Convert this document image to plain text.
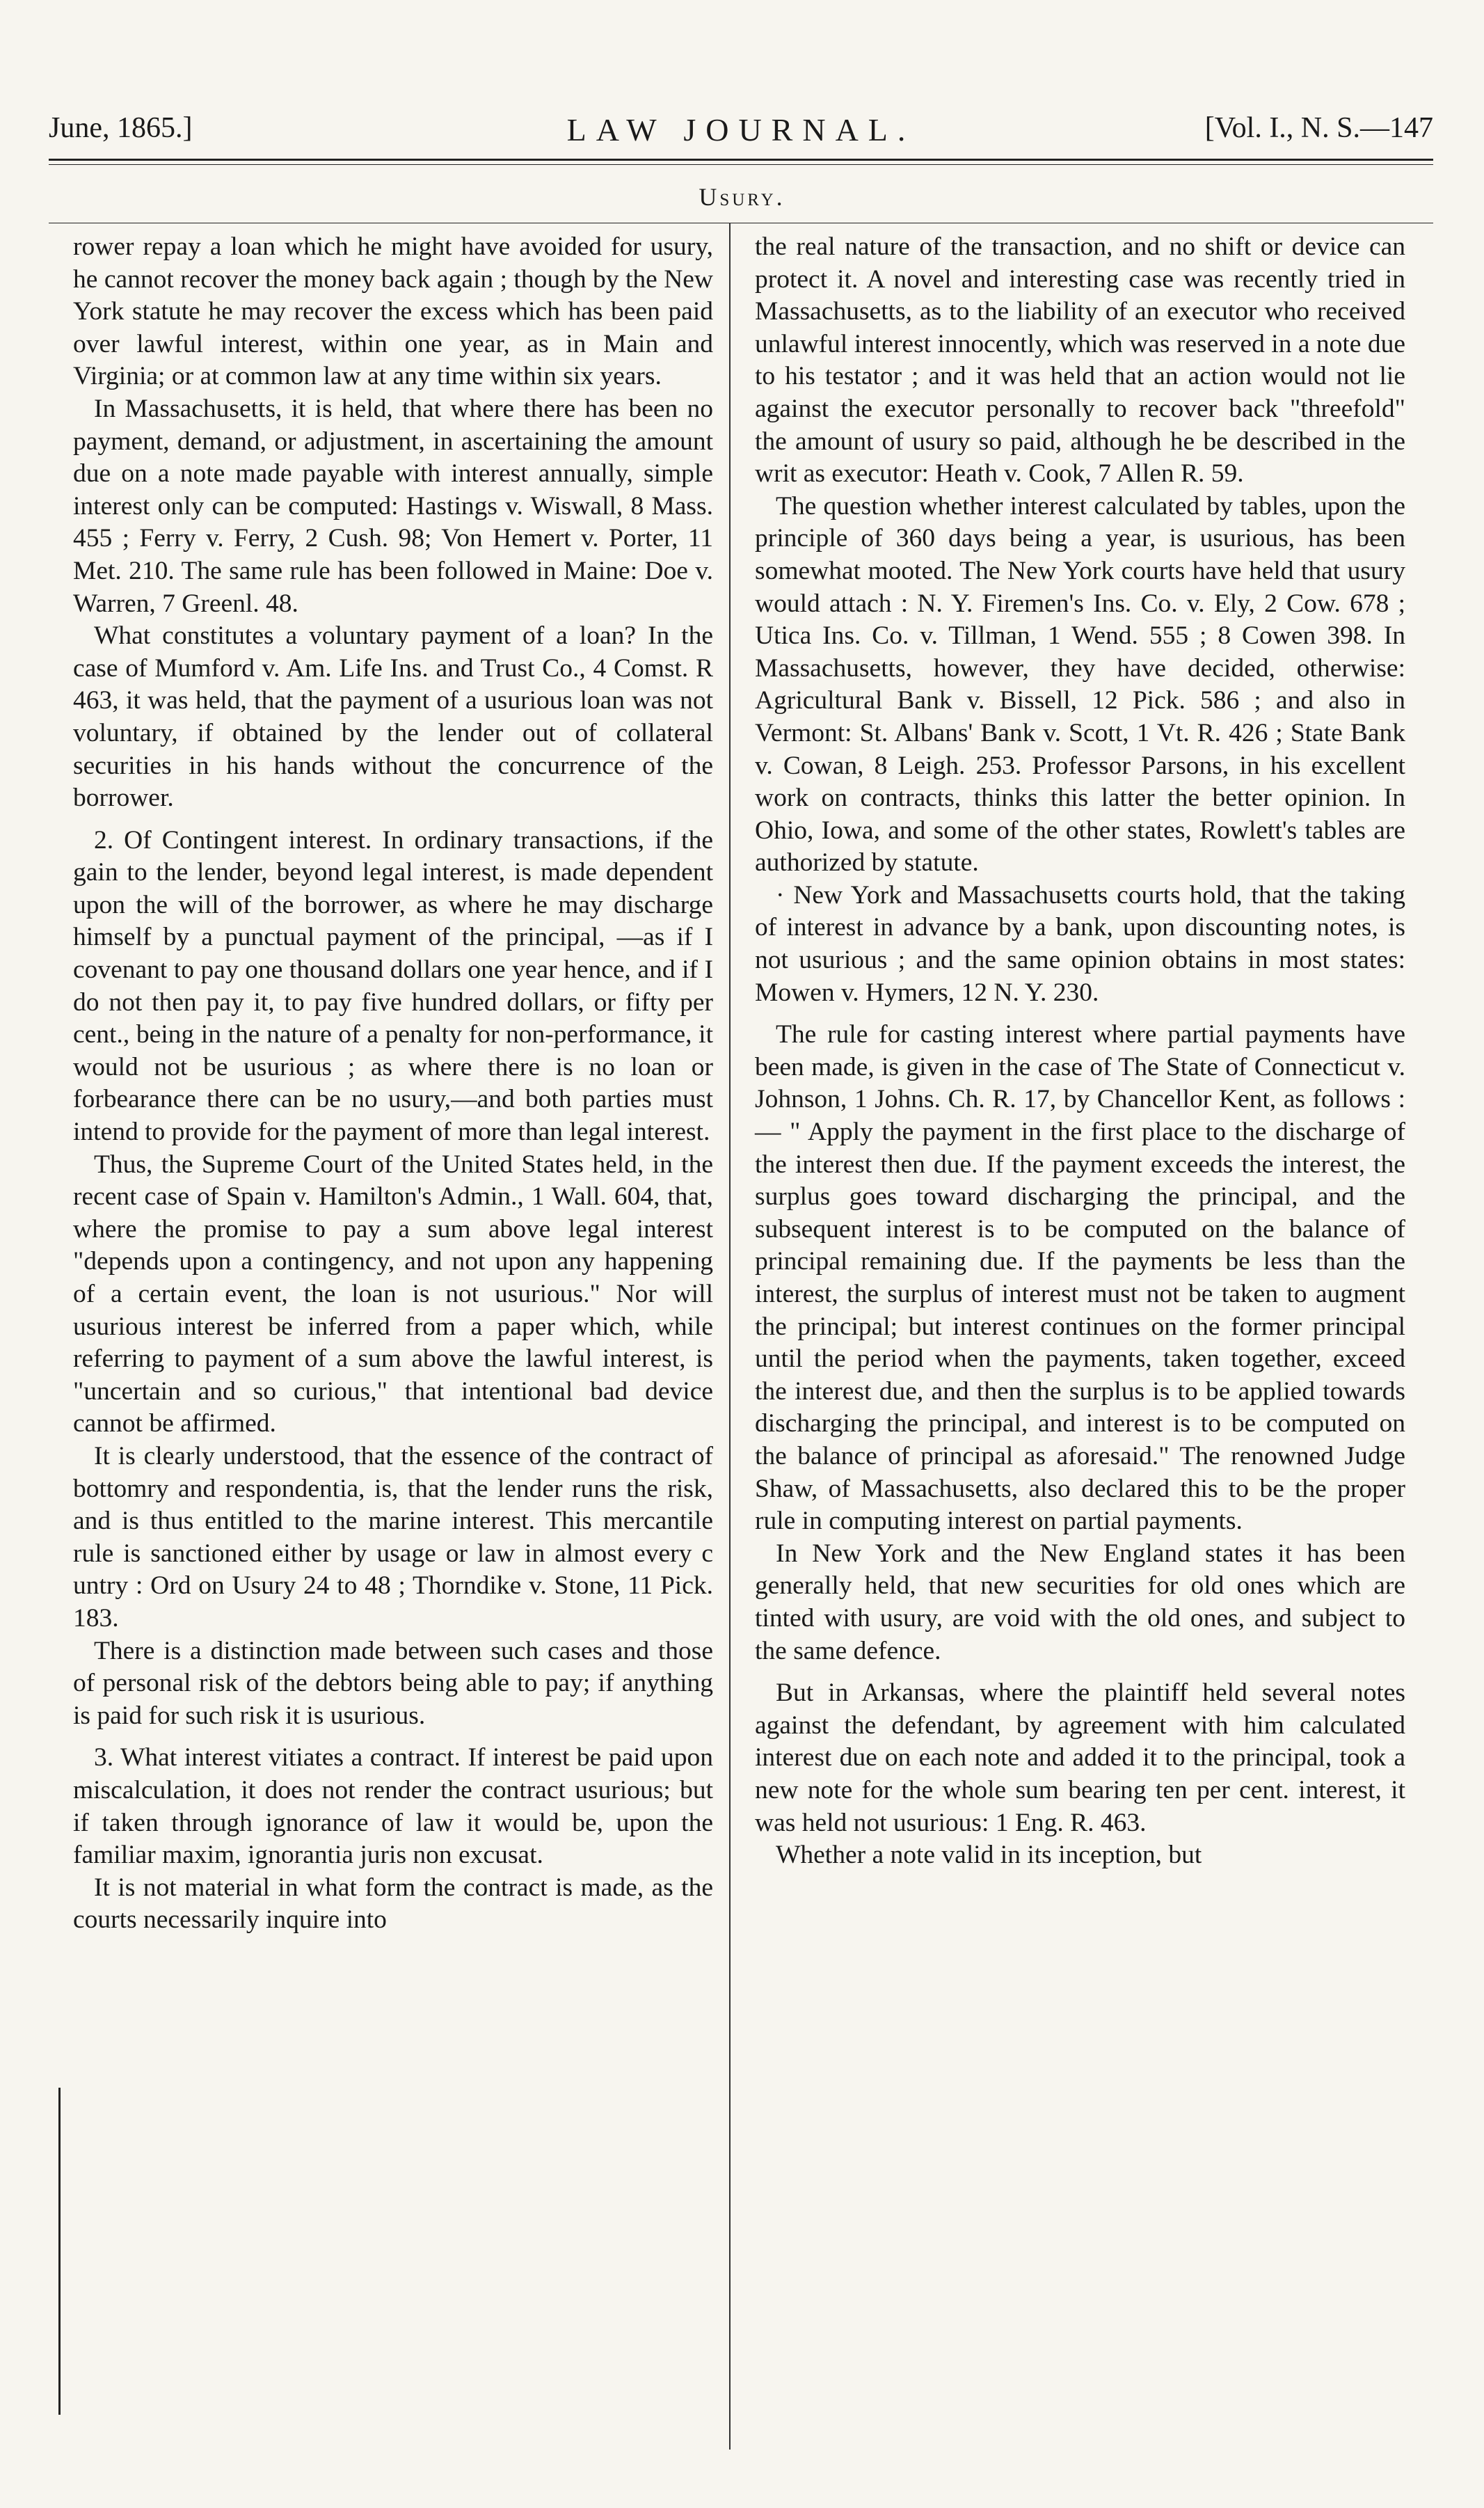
June, 1865.]	LAW JOURNAL.	[Vol. I., N. S.—147
Usury.

rower repay a loan which he might have avoided for usury, he cannot recover the money back again ; though by the New York statute he may recover the excess which has been paid over lawful interest, within one year, as in Main and Virginia; or at common law at any time within six years.

In Massachusetts, it is held, that where there has been no payment, demand, or adjustment, in ascertaining the amount due on a note made payable with interest annually, simple interest only can be computed: Hastings v. Wiswall, 8 Mass. 455 ; Ferry v. Ferry, 2 Cush. 98; Von Hemert v. Porter, 11 Met. 210. The same rule has been followed in Maine: Doe v. Warren, 7 Greenl. 48.

What constitutes a voluntary payment of a loan? In the case of Mumford v. Am. Life Ins. and Trust Co., 4 Comst. R 463, it was held, that the payment of a usurious loan was not voluntary, if obtained by the lender out of collateral securities in his hands without the concurrence of the borrower.

2. Of Contingent interest. In ordinary transactions, if the gain to the lender, beyond legal interest, is made dependent upon the will of the borrower, as where he may discharge himself by a punctual payment of the principal, —as if I covenant to pay one thousand dollars one year hence, and if I do not then pay it, to pay five hundred dollars, or fifty per cent., being in the nature of a penalty for non-performance, it would not be usurious ; as where there is no loan or forbearance there can be no usury,—and both parties must intend to provide for the payment of more than legal interest.

Thus, the Supreme Court of the United States held, in the recent case of Spain v. Hamilton's Admin., 1 Wall. 604, that, where the promise to pay a sum above legal interest "depends upon a contingency, and not upon any happening of a certain event, the loan is not usurious." Nor will usurious interest be inferred from a paper which, while referring to payment of a sum above the lawful interest, is "uncertain and so curious," that intentional bad device cannot be affirmed.

It is clearly understood, that the essence of the contract of bottomry and respondentia, is, that the lender runs the risk, and is thus entitled to the marine interest. This mercantile rule is sanctioned either by usage or law in almost every c untry : Ord on Usury 24 to 48 ; Thorndike v. Stone, 11 Pick. 183.

There is a distinction made between such cases and those of personal risk of the debtors being able to pay; if anything is paid for such risk it is usurious.

3. What interest vitiates a contract. If interest be paid upon miscalculation, it does not render the contract usurious; but if taken through ignorance of law it would be, upon the familiar maxim, ignorantia juris non excusat.

It is not material in what form the contract is made, as the courts necessarily inquire into

the real nature of the transaction, and no shift or device can protect it. A novel and interesting case was recently tried in Massachusetts, as to the liability of an executor who received unlawful interest innocently, which was reserved in a note due to his testator ; and it was held that an action would not lie against the executor personally to recover back "threefold" the amount of usury so paid, although he be described in the writ as executor: Heath v. Cook, 7 Allen R. 59.

The question whether interest calculated by tables, upon the principle of 360 days being a year, is usurious, has been somewhat mooted. The New York courts have held that usury would attach : N. Y. Firemen's Ins. Co. v. Ely, 2 Cow. 678 ; Utica Ins. Co. v. Tillman, 1 Wend. 555 ; 8 Cowen 398. In Massachusetts, however, they have decided, otherwise: Agricultural Bank v. Bissell, 12 Pick. 586 ; and also in Vermont: St. Albans' Bank v. Scott, 1 Vt. R. 426 ; State Bank v. Cowan, 8 Leigh. 253. Professor Parsons, in his excellent work on contracts, thinks this latter the better opinion. In Ohio, Iowa, and some of the other states, Rowlett's tables are authorized by statute.

· New York and Massachusetts courts hold, that the taking of interest in advance by a bank, upon discounting notes, is not usurious ; and the same opinion obtains in most states: Mowen v. Hymers, 12 N. Y. 230.

The rule for casting interest where partial payments have been made, is given in the case of The State of Connecticut v. Johnson, 1 Johns. Ch. R. 17, by Chancellor Kent, as follows :— " Apply the payment in the first place to the discharge of the interest then due. If the payment exceeds the interest, the surplus goes toward discharging the principal, and the subsequent interest is to be computed on the balance of principal remaining due. If the payments be less than the interest, the surplus of interest must not be taken to augment the principal; but interest continues on the former principal until the period when the payments, taken together, exceed the interest due, and then the surplus is to be applied towards discharging the principal, and interest is to be computed on the balance of principal as aforesaid." The renowned Judge Shaw, of Massachusetts, also declared this to be the proper rule in computing interest on partial payments.

In New York and the New England states it has been generally held, that new securities for old ones which are tinted with usury, are void with the old ones, and subject to the same defence.

But in Arkansas, where the plaintiff held several notes against the defendant, by agreement with him calculated interest due on each note and added it to the principal, took a new note for the whole sum bearing ten per cent. interest, it was held not usurious: 1 Eng. R. 463.

Whether a note valid in its inception, but
